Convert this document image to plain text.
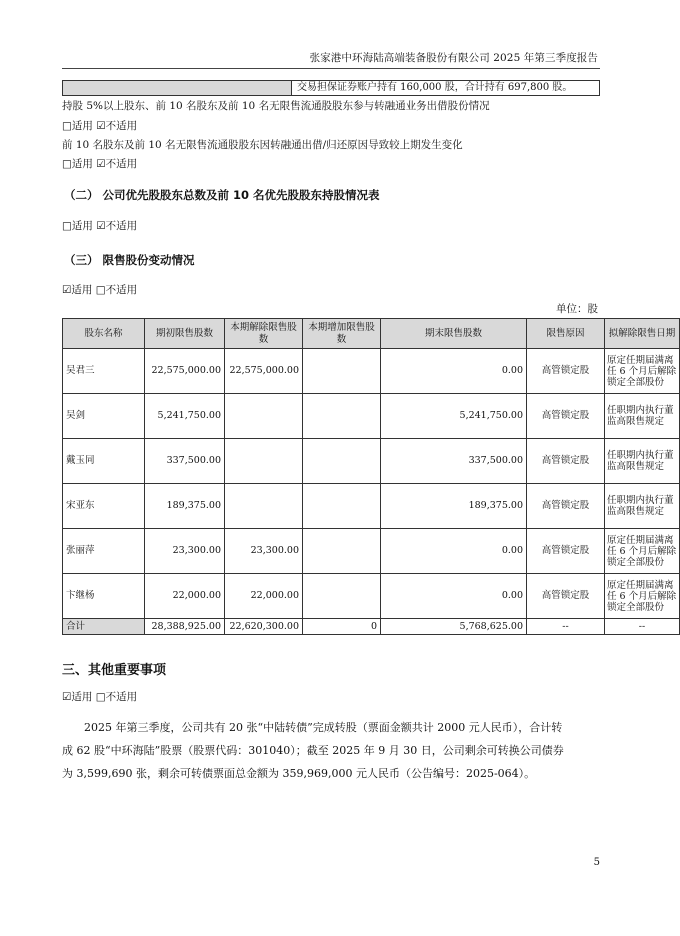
张家港中环海陆高端装备股份有限公司 2025 年第三季度报告
交易担保证券账户持有 160,000 股，合计持有 697,800 股。
持股 5%以上股东、前 10 名股东及前 10 名无限售流通股股东参与转融通业务出借股份情况
□适用 ☑不适用
前 10 名股东及前 10 名无限售流通股股东因转融通出借/归还原因导致较上期发生变化
□适用 ☑不适用
（二） 公司优先股股东总数及前 10 名优先股股东持股情况表
□适用 ☑不适用
（三） 限售股份变动情况
☑适用 □不适用
单位：股
股东名称	期初限售股数	本期解除限售股数	本期增加限售股数	期末限售股数	限售原因	拟解除限售日期
吴君三	22,575,000.00	22,575,000.00		0.00	高管锁定股	原定任期届满离任 6 个月后解除锁定全部股份
吴剑	5,241,750.00			5,241,750.00	高管锁定股	任职期内执行董监高限售规定
戴玉同	337,500.00			337,500.00	高管锁定股	任职期内执行董监高限售规定
宋亚东	189,375.00			189,375.00	高管锁定股	任职期内执行董监高限售规定
张丽萍	23,300.00	23,300.00		0.00	高管锁定股	原定任期届满离任 6 个月后解除锁定全部股份
卞继杨	22,000.00	22,000.00		0.00	高管锁定股	原定任期届满离任 6 个月后解除锁定全部股份
合计	28,388,925.00	22,620,300.00	0	5,768,625.00	--	--
三、其他重要事项
☑适用 □不适用
2025 年第三季度，公司共有 20 张“中陆转债”完成转股（票面金额共计 2000 元人民币），合计转
成 62 股“中环海陆”股票（股票代码：301040）；截至 2025 年 9 月 30 日，公司剩余可转换公司债券
为 3,599,690 张，剩余可转债票面总金额为 359,969,000 元人民币（公告编号：2025-064）。
5
